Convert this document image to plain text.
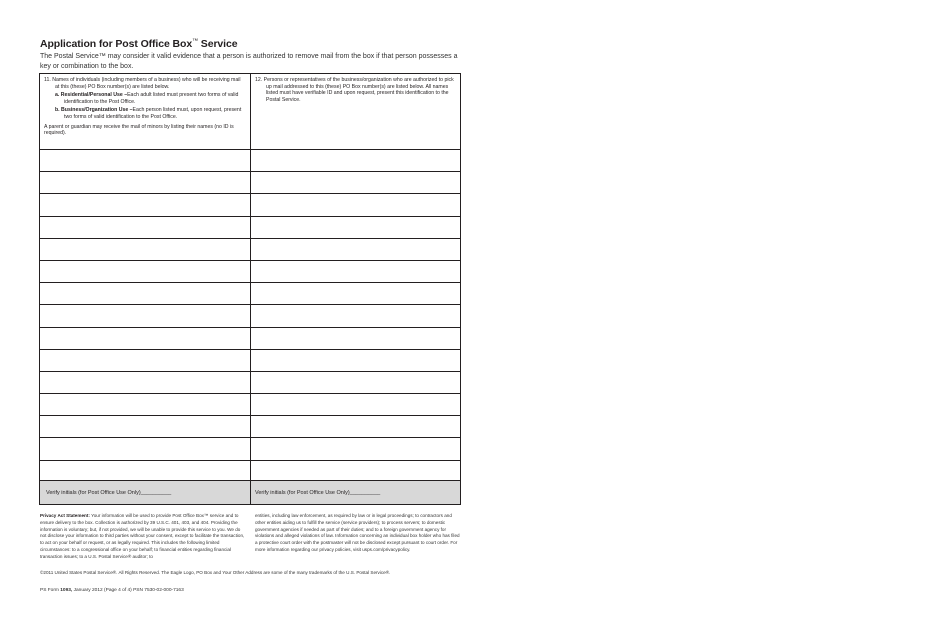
Application for Post Office Box™ Service
The Postal Service™ may consider it valid evidence that a person is authorized to remove mail from the box if that person possesses a key or combination to the box.
11. Names of individuals (including members of a business) who will be receiving mail at this (these) PO Box number(s) are listed below.
a. Residential/Personal Use –Each adult listed must present two forms of valid identification to the Post Office.
b. Business/Organization Use –Each person listed must, upon request, present two forms of valid identification to the Post Office.
A parent or guardian may receive the mail of minors by listing their names (no ID is required).
12. Persons or representatives of the business/organization who are authorized to pick up mail addressed to this (these) PO Box number(s) are listed below. All names listed must have verifiable ID and upon request, present this identification to the Postal Service.
Verify initials (for Post Office Use Only)__________	Verify initials (for Post Office Use Only)__________
Privacy Act Statement: Your information will be used to provide Post Office Box™ service and to ensure delivery to the box. Collection is authorized by 39 U.S.C. 401, 403, and 404. Providing the information is voluntary; but, if not provided, we will be unable to provide this service to you. We do not disclose your information to third parties without your consent, except to facilitate the transaction, to act on your behalf or request, or as legally required. This includes the following limited circumstances: to a congressional office on your behalf; to financial entities regarding financial transaction issues; to a U.S. Postal Service® auditor; to
entities, including law enforcement, as required by law or in legal proceedings; to contractors and other entities aiding us to fulfill the service (service providers); to process servers; to domestic government agencies if needed as part of their duties; and to a foreign government agency for violations and alleged violations of law. Information concerning an individual box holder who has filed a protective court order with the postmaster will not be disclosed except pursuant to court order. For more information regarding our privacy policies, visit usps.com/privacypolicy.
©2011 United States Postal Service®. All Rights Reserved. The Eagle Logo, PO Box and Your Other Address are some of the many trademarks of the U.S. Postal Service®.
PS Form 1093, January 2012 (Page 4 of 4) PSN 7530-02-000-7163
